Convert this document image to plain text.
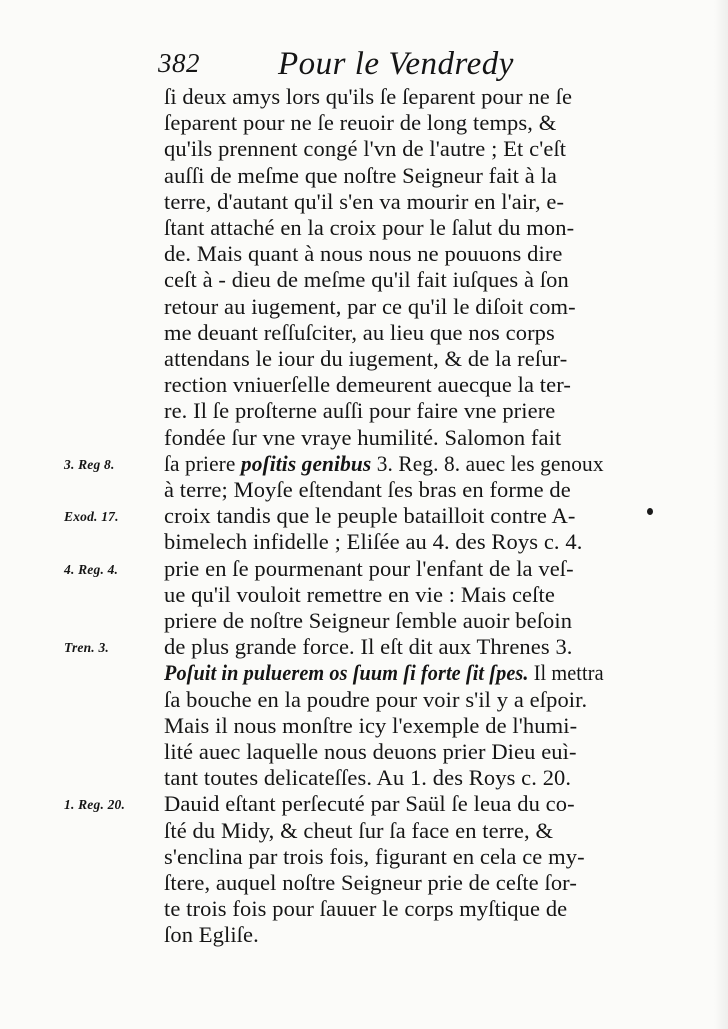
382 Pour le Vendredy
ſi deux amys lors qu'ils ſe ſeparent pour ne ſe
ſeparent pour ne ſe reuoir de long temps, &
qu'ils prennent congé l'vn de l'autre ; Et c'eſt
auſſi de meſme que noſtre Seigneur fait à la
terre, d'autant qu'il s'en va mourir en l'air, e-
ſtant attaché en la croix pour le ſalut du mon-
de. Mais quant à nous nous ne pouuons dire
ceſt à - dieu de meſme qu'il fait iuſques à ſon
retour au iugement, par ce qu'il le diſoit com-
me deuant reſſuſciter, au lieu que nos corps
attendans le iour du iugement, & de la reſur-
rection vniuerſelle demeurent auecque la ter-
re. Il ſe proſterne auſſi pour faire vne priere
fondée ſur vne vraye humilité. Salomon fait
ſa priere poſitis genibus 3. Reg. 8. auec les genoux
à terre; Moyſe eſtendant ſes bras en forme de
croix tandis que le peuple batailloit contre A-
bimelech infidelle ; Eliſée au 4. des Roys c. 4.
prie en ſe pourmenant pour l'enfant de la veſ-
ue qu'il vouloit remettre en vie : Mais ceſte
priere de noſtre Seigneur ſemble auoir beſoin
de plus grande force. Il eſt dit aux Threnes 3.
Poſuit in puluerem os ſuum ſi forte ſit ſpes. Il mettra
ſa bouche en la poudre pour voir s'il y a eſpoir.
Mais il nous monſtre icy l'exemple de l'humi-
lité auec laquelle nous deuons prier Dieu euì-
tant toutes delicateſſes. Au 1. des Roys c. 20.
Dauid eſtant perſecuté par Saül ſe leua du co-
ſté du Midy, & cheut ſur ſa face en terre, &
s'enclina par trois fois, figurant en cela ce my-
ſtere, auquel noſtre Seigneur prie de ceſte ſor-
te trois fois pour ſauuer le corps myſtique de
ſon Egliſe.
3. Reg 8.
Exod. 17.
4. Reg. 4.
Tren. 3.
1. Reg. 20.
